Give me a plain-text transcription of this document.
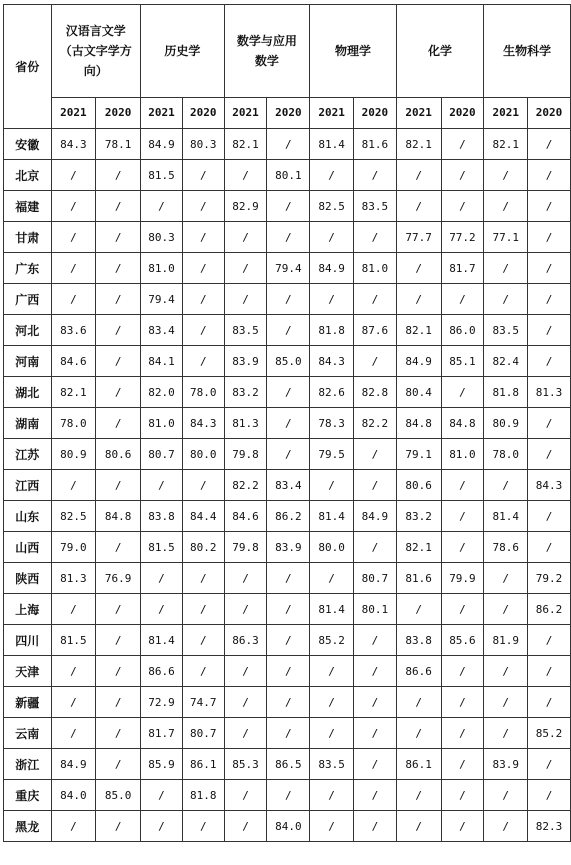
省份	汉语言文学（古文字学方向）		历史学		数学与应用数学		物理学		化学		生物科学	
	2021	2020	2021	2020	2021	2020	2021	2020	2021	2020	2021	2020
安徽	84.3	78.1	84.9	80.3	82.1	/	81.4	81.6	82.1	/	82.1	/
北京	/	/	81.5	/	/	80.1	/	/	/	/	/	/
福建	/	/	/	/	82.9	/	82.5	83.5	/	/	/	/
甘肃	/	/	80.3	/	/	/	/	/	77.7	77.2	77.1	/
广东	/	/	81.0	/	/	79.4	84.9	81.0	/	81.7	/	/
广西	/	/	79.4	/	/	/	/	/	/	/	/	/
河北	83.6	/	83.4	/	83.5	/	81.8	87.6	82.1	86.0	83.5	/
河南	84.6	/	84.1	/	83.9	85.0	84.3	/	84.9	85.1	82.4	/
湖北	82.1	/	82.0	78.0	83.2	/	82.6	82.8	80.4	/	81.8	81.3
湖南	78.0	/	81.0	84.3	81.3	/	78.3	82.2	84.8	84.8	80.9	/
江苏	80.9	80.6	80.7	80.0	79.8	/	79.5	/	79.1	81.0	78.0	/
江西	/	/	/	/	82.2	83.4	/	/	80.6	/	/	84.3
山东	82.5	84.8	83.8	84.4	84.6	86.2	81.4	84.9	83.2	/	81.4	/
山西	79.0	/	81.5	80.2	79.8	83.9	80.0	/	82.1	/	78.6	/
陕西	81.3	76.9	/	/	/	/	/	80.7	81.6	79.9	/	79.2
上海	/	/	/	/	/	/	81.4	80.1	/	/	/	86.2
四川	81.5	/	81.4	/	86.3	/	85.2	/	83.8	85.6	81.9	/
天津	/	/	86.6	/	/	/	/	/	86.6	/	/	/
新疆	/	/	72.9	74.7	/	/	/	/	/	/	/	/
云南	/	/	81.7	80.7	/	/	/	/	/	/	/	85.2
浙江	84.9	/	85.9	86.1	85.3	86.5	83.5	/	86.1	/	83.9	/
重庆	84.0	85.0	/	81.8	/	/	/	/	/	/	/	/
黑龙	/	/	/	/	/	84.0	/	/	/	/	/	82.3
